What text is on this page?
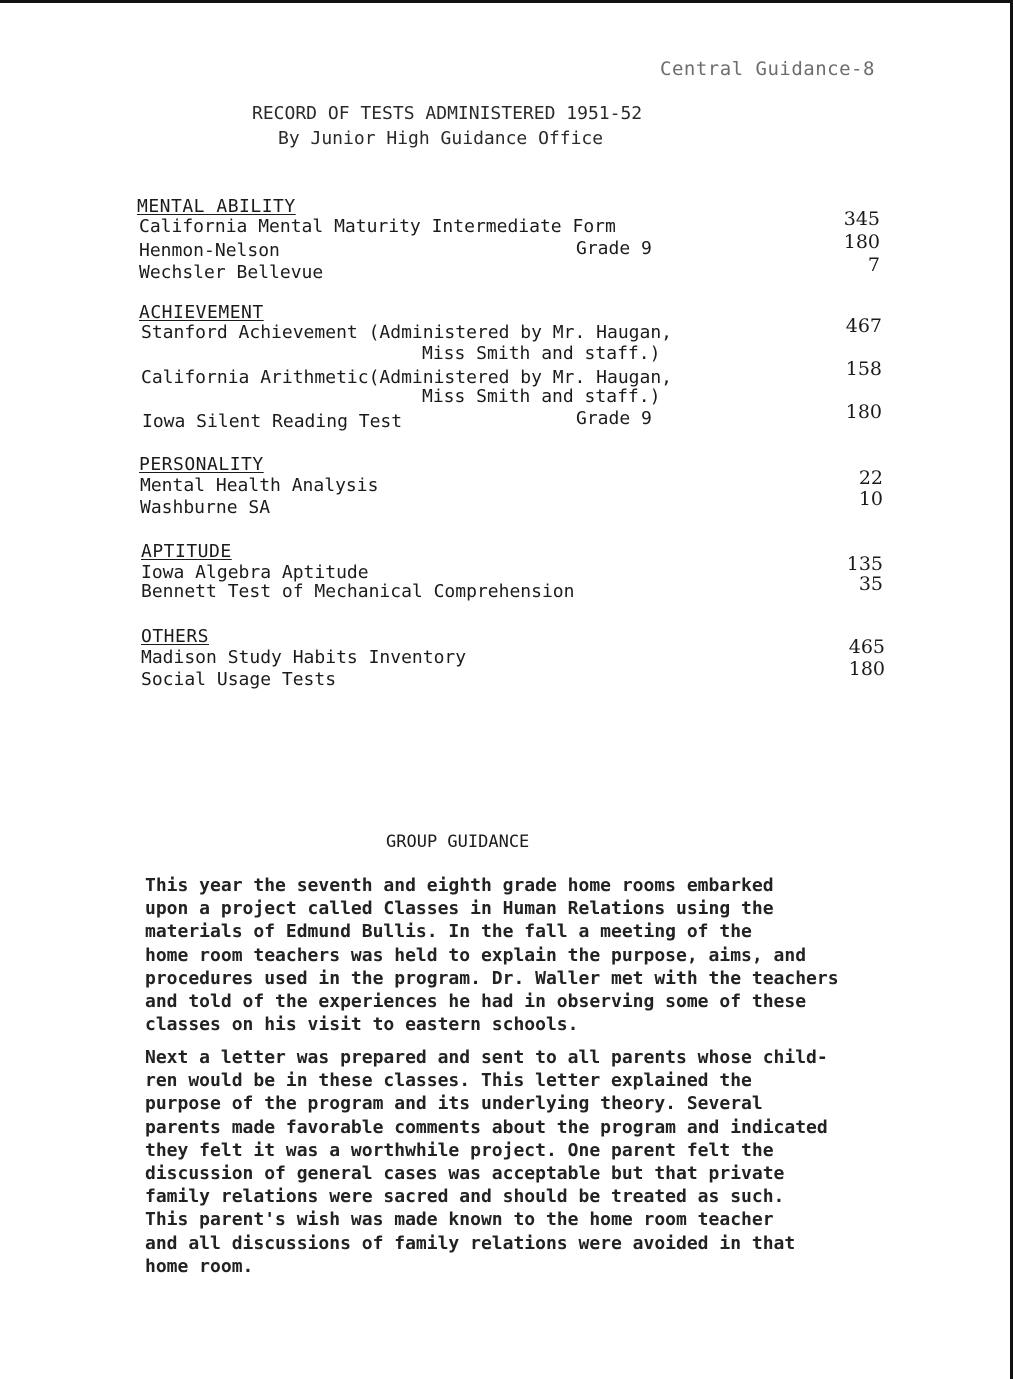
Central Guidance-8
RECORD OF TESTS ADMINISTERED 1951-52
By Junior High Guidance Office
MENTAL ABILITY
California Mental Maturity Intermediate Form	345
Henmon-Nelson	Grade 9	180
Wechsler Bellevue	7
ACHIEVEMENT
Stanford Achievement (Administered by Mr. Haugan,	467
Miss Smith and staff.)
California Arithmetic(Administered by Mr. Haugan,	158
Miss Smith and staff.)
Iowa Silent Reading Test	Grade 9	180
PERSONALITY
Mental Health Analysis	22
Washburne SA	10
APTITUDE
Iowa Algebra Aptitude	135
Bennett Test of Mechanical Comprehension	35
OTHERS
Madison Study Habits Inventory	465
Social Usage Tests	180
GROUP GUIDANCE
This year the seventh and eighth grade home rooms embarked
upon a project called Classes in Human Relations using the
materials of Edmund Bullis. In the fall a meeting of the
home room teachers was held to explain the purpose, aims, and
procedures used in the program. Dr. Waller met with the teachers
and told of the experiences he had in observing some of these
classes on his visit to eastern schools.
Next a letter was prepared and sent to all parents whose child-
ren would be in these classes. This letter explained the
purpose of the program and its underlying theory. Several
parents made favorable comments about the program and indicated
they felt it was a worthwhile project. One parent felt the
discussion of general cases was acceptable but that private
family relations were sacred and should be treated as such.
This parent's wish was made known to the home room teacher
and all discussions of family relations were avoided in that
home room.
